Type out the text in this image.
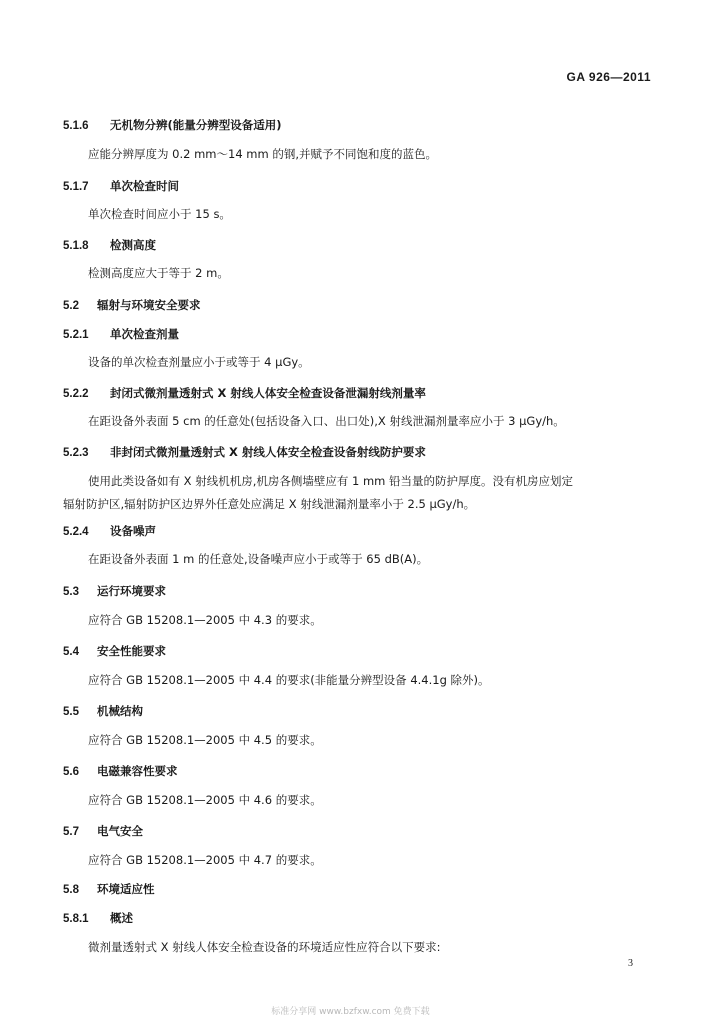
GA 926—2011
5.1.6 无机物分辨(能量分辨型设备适用)
应能分辨厚度为 0.2 mm～14 mm 的钢,并赋予不同饱和度的蓝色。
5.1.7 单次检查时间
单次检查时间应小于 15 s。
5.1.8 检测高度
检测高度应大于等于 2 m。
5.2 辐射与环境安全要求
5.2.1 单次检查剂量
设备的单次检查剂量应小于或等于 4 μGy。
5.2.2 封闭式微剂量透射式 X 射线人体安全检查设备泄漏射线剂量率
在距设备外表面 5 cm 的任意处(包括设备入口、出口处),X 射线泄漏剂量率应小于 3 μGy/h。
5.2.3 非封闭式微剂量透射式 X 射线人体安全检查设备射线防护要求
使用此类设备如有 X 射线机机房,机房各侧墙壁应有 1 mm 铅当量的防护厚度。没有机房应划定
辐射防护区,辐射防护区边界外任意处应满足 X 射线泄漏剂量率小于 2.5 μGy/h。
5.2.4 设备噪声
在距设备外表面 1 m 的任意处,设备噪声应小于或等于 65 dB(A)。
5.3 运行环境要求
应符合 GB 15208.1—2005 中 4.3 的要求。
5.4 安全性能要求
应符合 GB 15208.1—2005 中 4.4 的要求(非能量分辨型设备 4.4.1g 除外)。
5.5 机械结构
应符合 GB 15208.1—2005 中 4.5 的要求。
5.6 电磁兼容性要求
应符合 GB 15208.1—2005 中 4.6 的要求。
5.7 电气安全
应符合 GB 15208.1—2005 中 4.7 的要求。
5.8 环境适应性
5.8.1 概述
微剂量透射式 X 射线人体安全检查设备的环境适应性应符合以下要求:
3
标准分享网 www.bzfxw.com 免费下载
